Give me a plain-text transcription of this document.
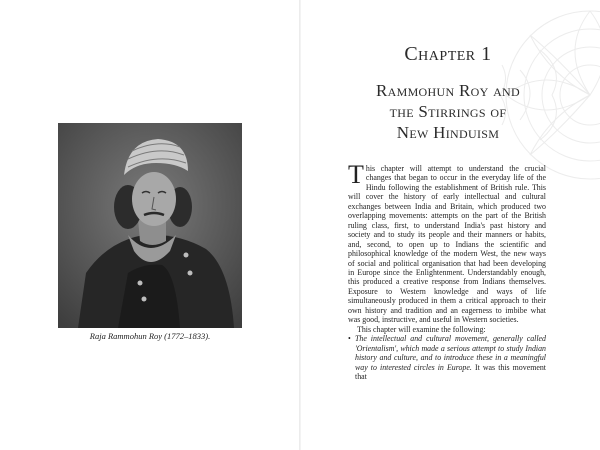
Raja Rammohun Roy (1772–1833).
Chapter 1
Rammohun Roy and
the Stirrings of
New Hinduism

This chapter will attempt to understand the crucial changes that began to occur in the everyday life of the Hindu following the establishment of British rule. This will cover the history of early intellectual and cultural exchanges between India and Britain, which produced two overlapping movements: attempts on the part of the British ruling class, first, to understand India's past history and society and to study its people and their manners or habits, and, second, to open up to Indians the scientific and philosophical knowledge of the modern West, the new ways of social and political organisation that had been developing in Europe since the Enlightenment. Understandably enough, this produced a creative response from Indians themselves. Exposure to Western knowledge and ways of life simultaneously produced in them a critical approach to their own history and tradition and an eagerness to imbibe what was good, instructive, and useful in Western societies.

This chapter will examine the following:

• The intellectual and cultural movement, generally called 'Orientalism', which made a serious attempt to study Indian history and culture, and to introduce these in a meaningful way to interested circles in Europe. It was this movement that
